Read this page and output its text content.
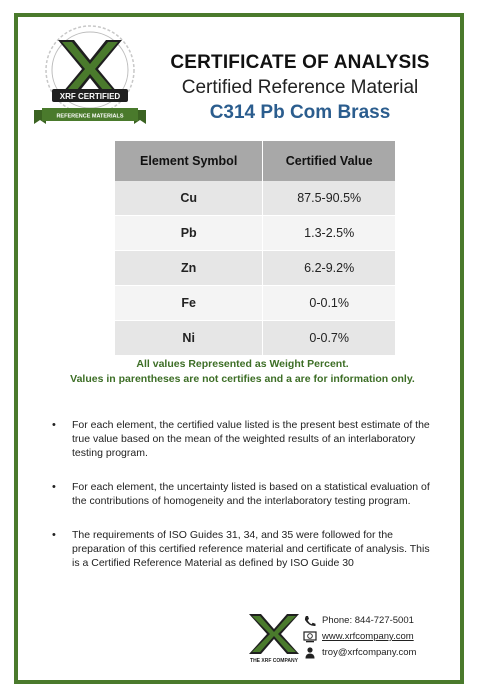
XRF CERTIFIED
REFERENCE MATERIALS
CERTIFICATE OF ANALYSIS
Certified Reference Material
C314 Pb Com Brass
Element Symbol	Certified Value
Cu	87.5-90.5%
Pb	1.3-2.5%
Zn	6.2-9.2%
Fe	0-0.1%
Ni	0-0.7%
All values Represented as Weight Percent.
Values in parentheses are not certifies and a are for information only.
•	For each element, the certified value listed is the present best estimate of the true value based on the mean of the weighted results of an interlaboratory testing program.
•	For each element, the uncertainty listed is based on a statistical evaluation of the contributions of homogeneity and the interlaboratory testing program.
•	The requirements of ISO Guides 31, 34, and 35 were followed for the preparation of this certified reference material and certificate of analysis. This is a Certified Reference Material as defined by ISO Guide 30
THE XRF COMPANY
Phone: 844-727-5001
www.xrfcompany.com
troy@xrfcompany.com
